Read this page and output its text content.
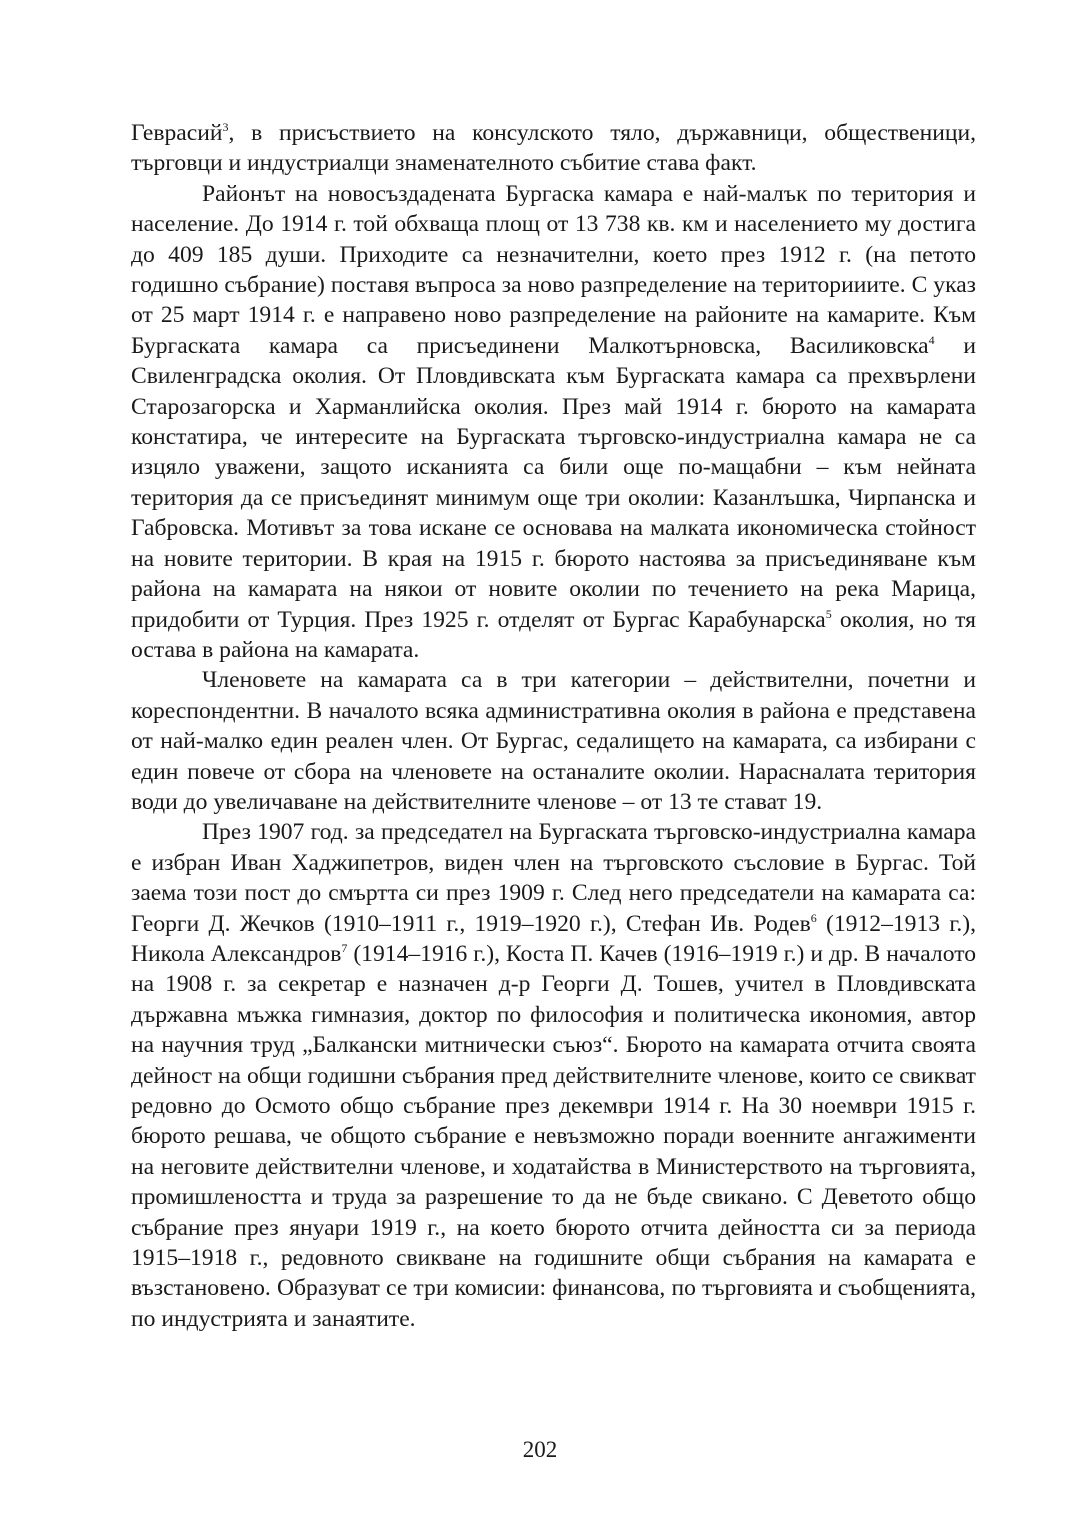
Геврасий$^3$, в присъствието на консулското тяло, държавници, общественици, търговци и индустриалци знаменателното събитие става факт.

Районът на новосъздадената Бургаска камара е най-малък по територия и население. До 1914 г. той обхваща площ от 13 738 кв. км и населението му достига до 409 185 души. Приходите са незначителни, което през 1912 г. (на петото годишно събрание) поставя въпроса за ново разпределение на територииите. С указ от 25 март 1914 г. е направено ново разпределение на районите на камарите. Към Бургаската камара са присъединени Малкотърновска, Василиковска$^4$ и Свиленградска околия. От Пловдивската към Бургаската камара са прехвърлени Старозагорска и Харманлийска околия. През май 1914 г. бюрото на камарата констатира, че интересите на Бургаската търговско-индустриална камара не са изцяло уважени, защото исканията са били още по-мащабни – към нейната територия да се присъединят минимум още три околии: Казанлъшка, Чирпанска и Габровска. Мотивът за това искане се основава на малката икономическа стойност на новите територии. В края на 1915 г. бюрото настоява за присъединяване към района на камарата на някои от новите околии по течението на река Марица, придобити от Турция. През 1925 г. отделят от Бургас Карабунарска$^5$ околия, но тя остава в района на камарата.

Членовете на камарата са в три категории – действителни, почетни и кореспондентни. В началото всяка административна околия в района е представена от най-малко един реален член. От Бургас, седалището на камарата, са избирани с един повече от сбора на членовете на останалите околии. Нарасналата територия води до увеличаване на действителните членове – от 13 те стават 19.

През 1907 год. за председател на Бургаската търговско-индустриална камара е избран Иван Хаджипетров, виден член на търговското съсловие в Бургас. Той заема този пост до смъртта си през 1909 г. След него председатели на камарата са: Георги Д. Жечков (1910–1911 г., 1919–1920 г.), Стефан Ив. Родев$^6$ (1912–1913 г.), Никола Александров$^7$ (1914–1916 г.), Коста П. Качев (1916–1919 г.) и др. В началото на 1908 г. за секретар е назначен д-р Георги Д. Тошев, учител в Пловдивската държавна мъжка гимназия, доктор по философия и политическа икономия, автор на научния труд „Балкански митнически съюз“. Бюрото на камарата отчита своята дейност на общи годишни събрания пред действителните членове, които се свикват редовно до Осмото общо събрание през декември 1914 г. На 30 ноември 1915 г. бюрото решава, че общото събрание е невъзможно поради военните ангажименти на неговите действителни членове, и ходатайства в Министерството на търговията, промишлеността и труда за разрешение то да не бъде свикано. С Деветото общо събрание през януари 1919 г., на което бюрото отчита дейността си за периода 1915–1918 г., редовното свикване на годишните общи събрания на камарата е възстановено. Образуват се три комисии: финансова, по търговията и съобщенията, по индустрията и занаятите.

202
